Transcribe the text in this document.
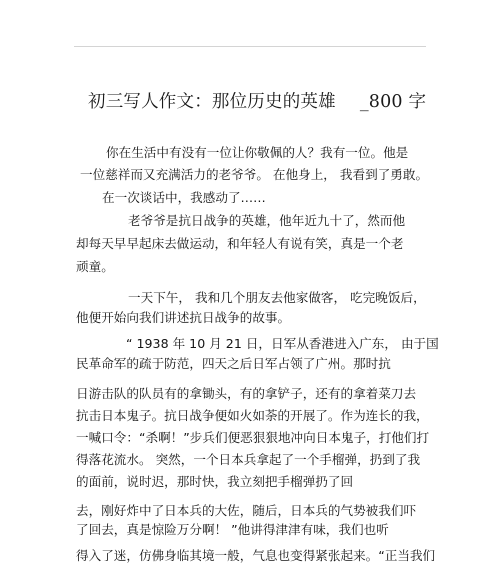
初三写人作文：那位历史的英雄 _800 字
你在生活中有没有一位让你敬佩的人？我有一位。他是
一位慈祥而又充满活力的老爷爷。 在他身上， 我看到了勇敢。
在一次谈话中，我感动了……
老爷爷是抗日战争的英雄，他年近九十了，然而他
却每天早早起床去做运动，和年轻人有说有笑，真是一个老
顽童。
一天下午， 我和几个朋友去他家做客， 吃完晚饭后，
他便开始向我们讲述抗日战争的故事。
“ 1938 年 10 月 21 日，日军从香港进入广东， 由于国
民革命军的疏于防范，四天之后日军占领了广州。那时抗
日游击队的队员有的拿锄头，有的拿铲子，还有的拿着菜刀去
抗击日本鬼子。抗日战争便如火如荼的开展了。作为连长的我，
一喊口令：“杀啊！”步兵们便恶狠狠地冲向日本鬼子，打他们打
得落花流水。 突然，一个日本兵拿起了一个手榴弹，扔到了我
的面前，说时迟，那时快，我立刻把手榴弹扔了回
去，刚好炸中了日本兵的大佐，随后，日本兵的气势被我们吓
了回去，真是惊险万分啊！ ”他讲得津津有味，我们也听
得入了迷，仿佛身临其境一般，气息也变得紧张起来。“正当我们
